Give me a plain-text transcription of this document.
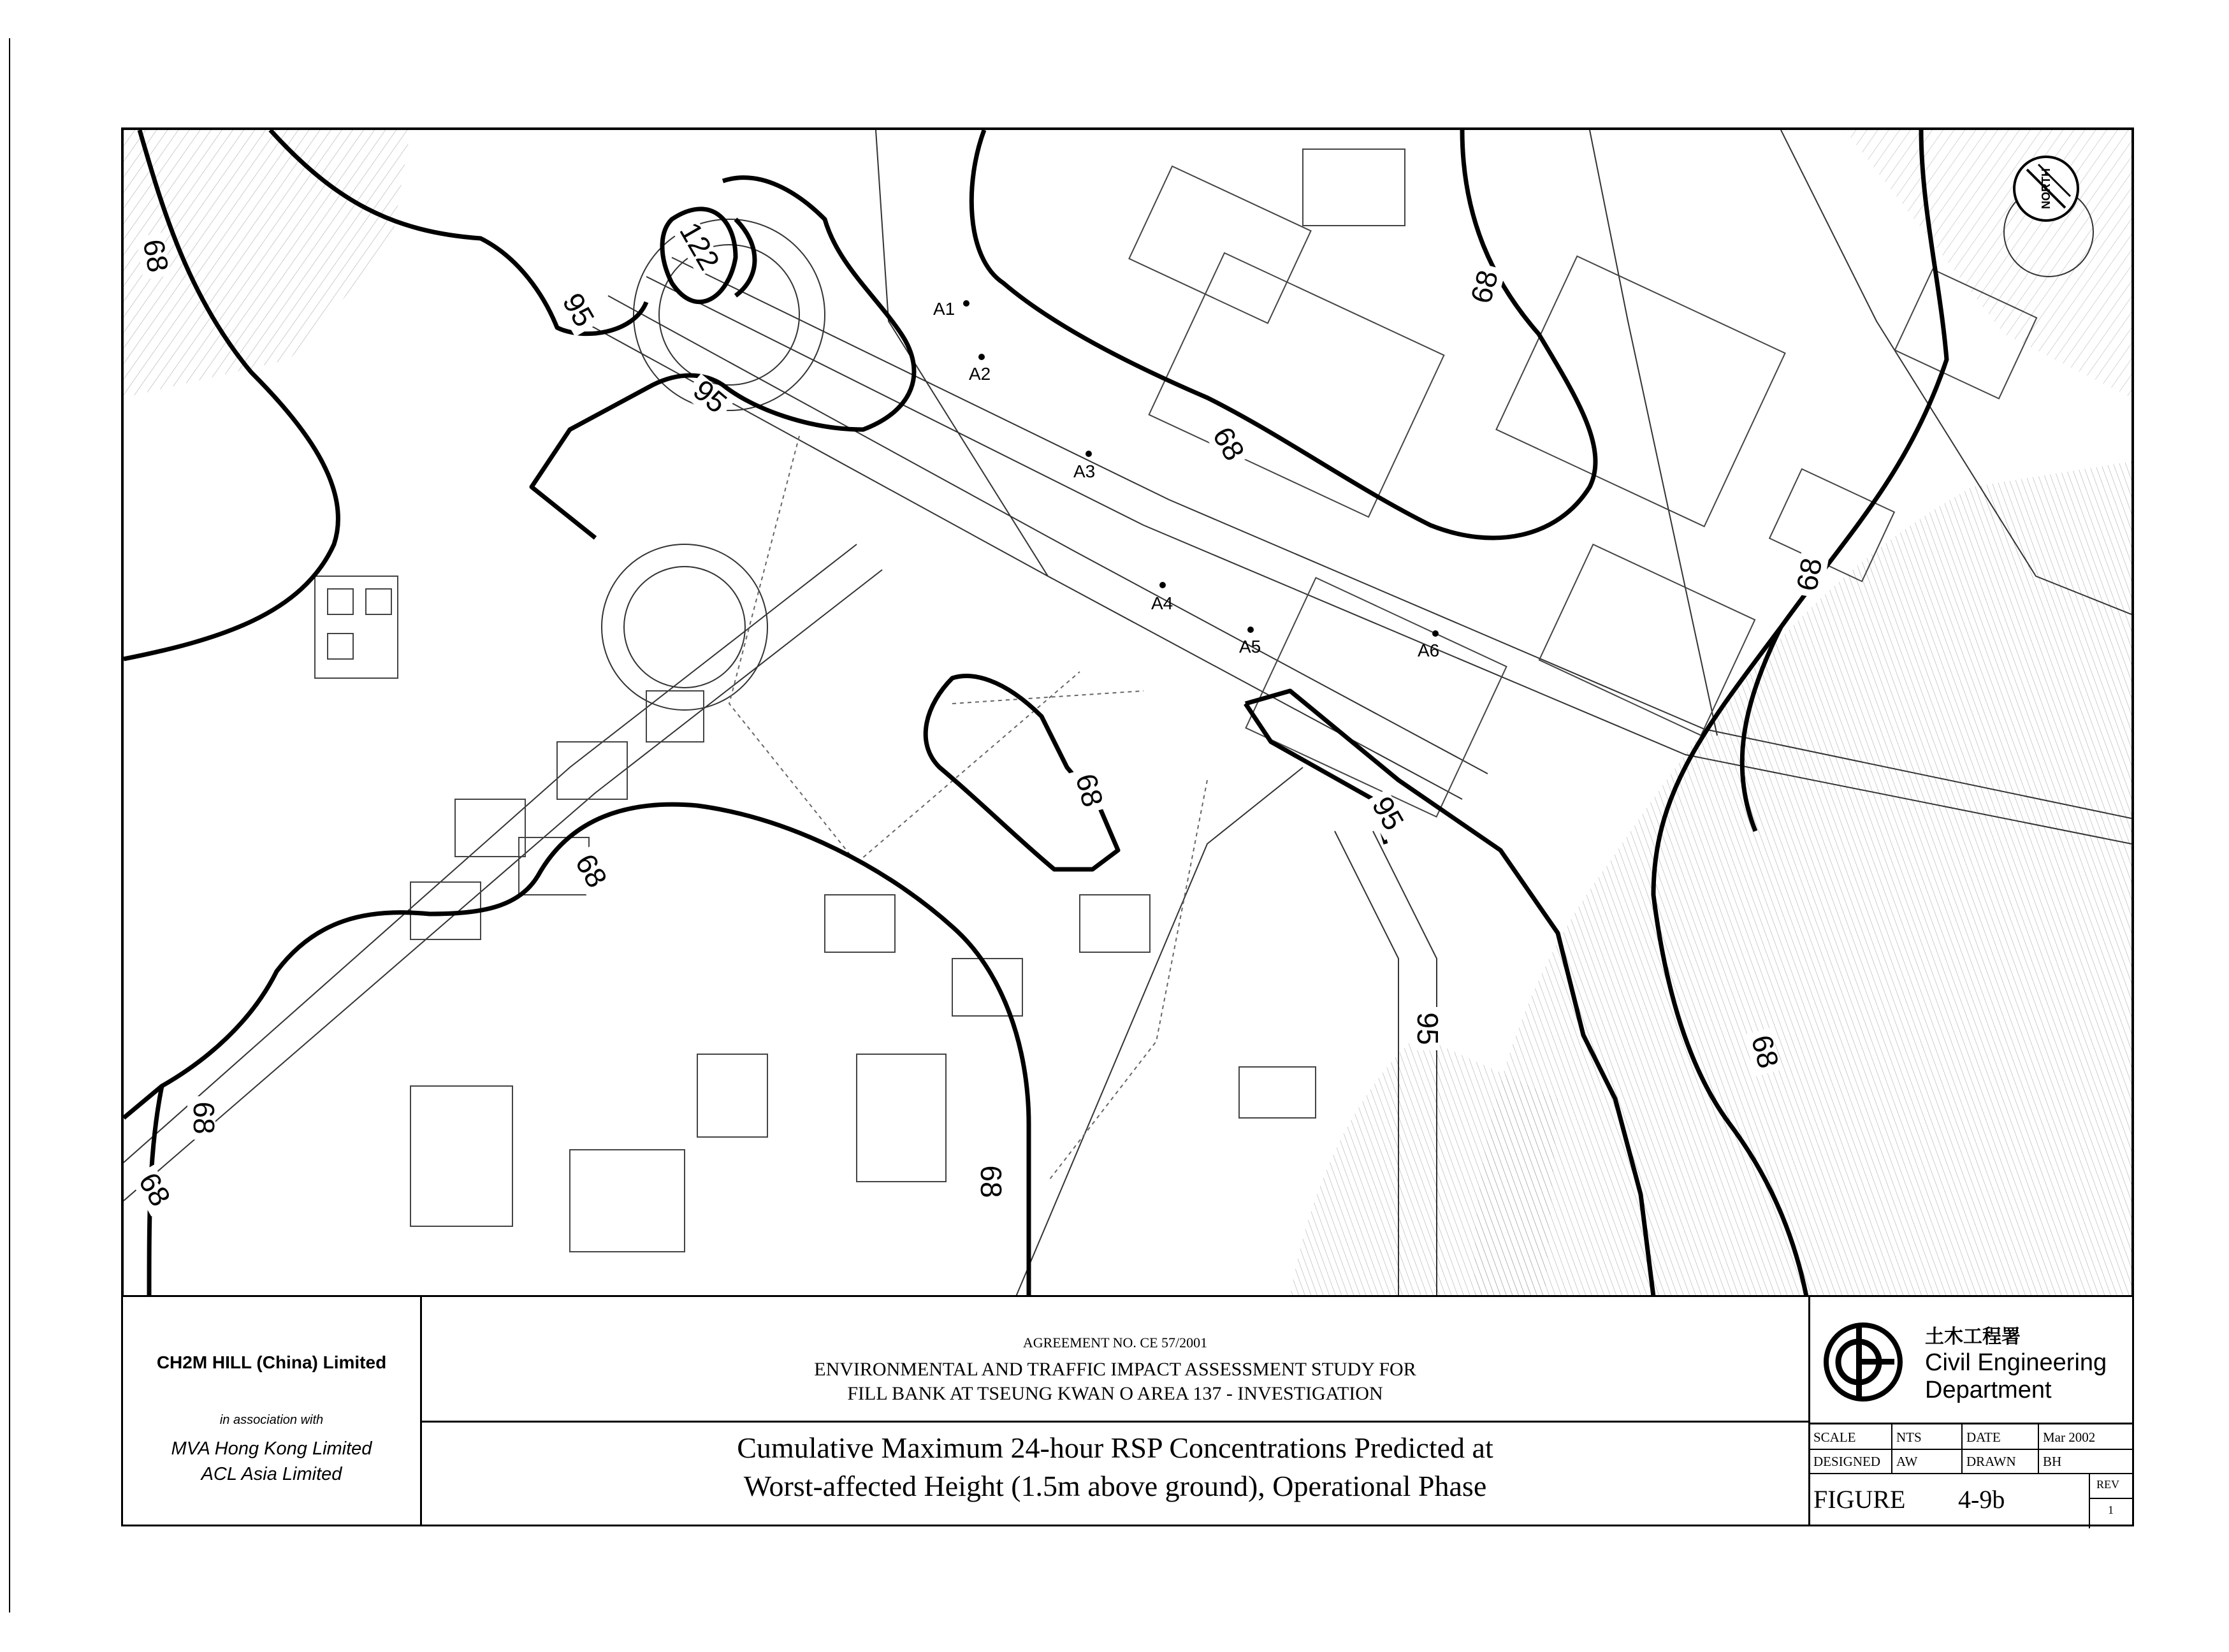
68
95
122
95
68
68
68
68
95
68
95
68
68
68	68
A1
A2
A3
A4
A5	A6
NORTH
CH2M HILL (China) Limited
in association with
MVA Hong Kong Limited
ACL Asia Limited
AGREEMENT NO. CE 57/2001
ENVIRONMENTAL AND TRAFFIC IMPACT ASSESSMENT STUDY FOR
FILL BANK AT TSEUNG KWAN O AREA 137 - INVESTIGATION
Cumulative Maximum 24-hour RSP Concentrations Predicted at
Worst-affected Height (1.5m above ground), Operational Phase
土木工程署
Civil Engineering
Department
SCALE	NTS	DATE	Mar 2002
DESIGNED AW	DRAWN BH
FIGURE 4-9b
REV
1
